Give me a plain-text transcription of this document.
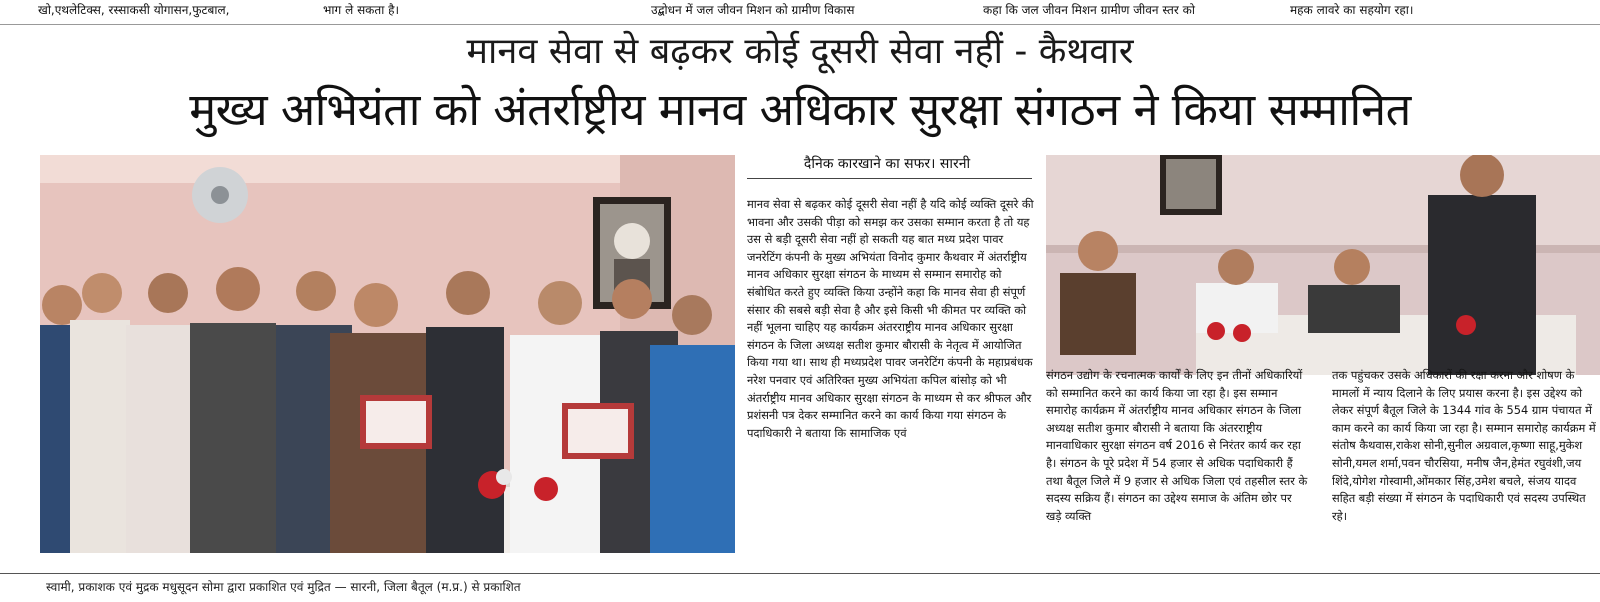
खो,एथलेटिक्स, रस्साकसी योगासन,फुटबाल,	भाग ले सकता है।	उद्बोधन में जल जीवन मिशन को ग्रामीण विकास	कहा कि जल जीवन मिशन ग्रामीण जीवन स्तर को	महक लावरे का सहयोग रहा।
मानव सेवा से बढ़कर कोई दूसरी सेवा नहीं - कैथवार
मुख्य अभियंता को अंतर्राष्ट्रीय मानव अधिकार सुरक्षा संगठन ने किया सम्मानित
दैनिक कारखाने का सफर। सारनी
मानव सेवा से बढ़कर कोई दूसरी सेवा नहीं है यदि कोई व्यक्ति दूसरे की भावना और उसकी पीड़ा को समझ कर उसका सम्मान करता है तो यह उस से बड़ी दूसरी सेवा नहीं हो सकती यह बात मध्य प्रदेश पावर जनरेटिंग कंपनी के मुख्य अभियंता विनोद कुमार कैथवार में अंतर्राष्ट्रीय मानव अधिकार सुरक्षा संगठन के माध्यम से सम्मान समारोह को संबोधित करते हुए व्यक्ति किया उन्होंने कहा कि मानव सेवा ही संपूर्ण संसार की सबसे बड़ी सेवा है और इसे किसी भी कीमत पर व्यक्ति को नहीं भूलना चाहिए यह कार्यक्रम अंतरराष्ट्रीय मानव अधिकार सुरक्षा संगठन के जिला अध्यक्ष सतीश कुमार बौरासी के नेतृत्व में आयोजित किया गया था। साथ ही मध्यप्रदेश पावर जनरेटिंग कंपनी के महाप्रबंधक नरेश पनवार एवं अतिरिक्त मुख्य अभियंता कपिल बांसोड़ को भी अंतर्राष्ट्रीय मानव अधिकार सुरक्षा संगठन के माध्यम से कर श्रीफल और प्रशंसनी पत्र देकर सम्मानित करने का कार्य किया गया संगठन के पदाधिकारी ने बताया कि सामाजिक एवं
संगठन उद्योग के रचनात्मक कार्यों के लिए इन तीनों अधिकारियों को सम्मानित करने का कार्य किया जा रहा है। इस सम्मान समारोह कार्यक्रम में अंतर्राष्ट्रीय मानव अधिकार संगठन के जिला अध्यक्ष सतीश कुमार बौरासी ने बताया कि अंतरराष्ट्रीय मानवाधिकार सुरक्षा संगठन वर्ष 2016 से निरंतर कार्य कर रहा है। संगठन के पूरे प्रदेश में 54 हजार से अधिक पदाधिकारी हैं तथा बैतूल जिले में 9 हजार से अधिक जिला एवं तहसील स्तर के सदस्य सक्रिय हैं। संगठन का उद्देश्य समाज के अंतिम छोर पर खड़े व्यक्ति
तक पहुंचकर उसके अधिकारों की रक्षा करना और शोषण के मामलों में न्याय दिलाने के लिए प्रयास करना है। इस उद्देश्य को लेकर संपूर्ण बैतूल जिले के 1344 गांव के 554 ग्राम पंचायत में काम करने का कार्य किया जा रहा है। सम्मान समारोह कार्यक्रम में संतोष कैथवास,राकेश सोनी,सुनील अग्रवाल,कृष्णा साहू,मुकेश सोनी,यमल शर्मा,पवन चौरसिया, मनीष जैन,हेमंत रघुवंशी,जय शिंदे,योगेश गोस्वामी,ओंमकार सिंह,उमेश बचले, संजय यादव सहित बड़ी संख्या में संगठन के पदाधिकारी एवं सदस्य उपस्थित रहे।
स्वामी, प्रकाशक एवं मुद्रक मधुसूदन सोमा द्वारा प्रकाशित एवं मुद्रित — सारनी, जिला बैतूल (म.प्र.) से प्रकाशित
